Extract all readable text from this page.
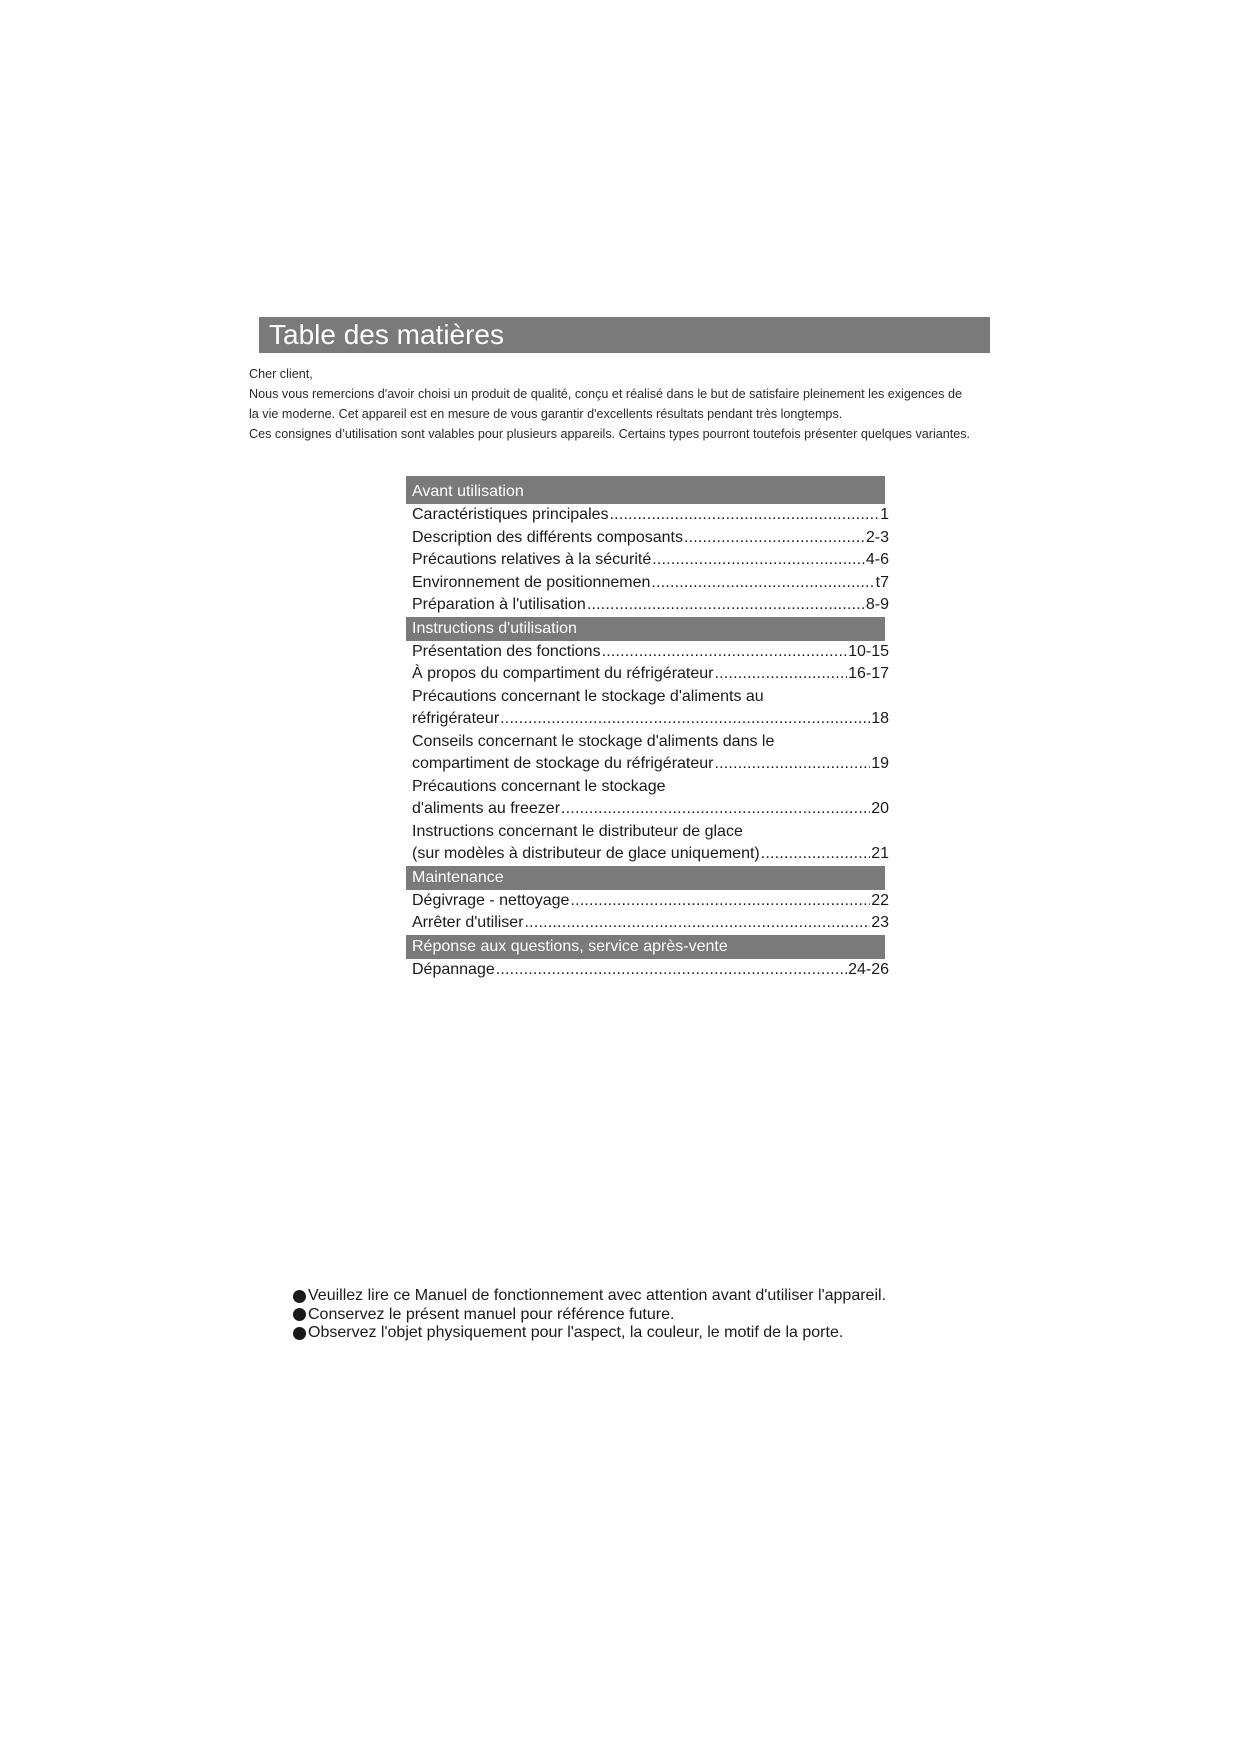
Table des matières

Cher client,

Nous vous remercions d'avoir choisi un produit de qualité, conçu et réalisé dans le but de satisfaire pleinement les exigences de

la vie moderne. Cet appareil est en mesure de vous garantir d'excellents résultats pendant très longtemps.

Ces consignes d’utilisation sont valables pour plusieurs appareils. Certains types pourront toutefois présenter quelques variantes.

Avant utilisation
Caractéristiques principales .....	1
Description des différents composants .....	2-3
Précautions relatives à la sécurité .....	4-6
Environnement de positionnemen .....	t7
Préparation à l'utilisation .....	8-9
Instructions d'utilisation
Présentation des fonctions .....	10-15
À propos du compartiment du réfrigérateur .....	16-17
Précautions concernant le stockage d'aliments au
réfrigérateur .....	18
Conseils concernant le stockage d'aliments dans le
compartiment de stockage du réfrigérateur .....	19
Précautions concernant le stockage
d'aliments au freezer .....	20
Instructions concernant le distributeur de glace
(sur modèles à distributeur de glace uniquement) .....	21
Maintenance
Dégivrage - nettoyage .....	22
Arrêter d'utiliser .....	23
Réponse aux questions, service après-vente
Dépannage .....	24-26
Veuillez lire ce Manuel de fonctionnement avec attention avant d'utiliser l'appareil.
Conservez le présent manuel pour référence future.
Observez l'objet physiquement pour l'aspect, la couleur, le motif de la porte.
